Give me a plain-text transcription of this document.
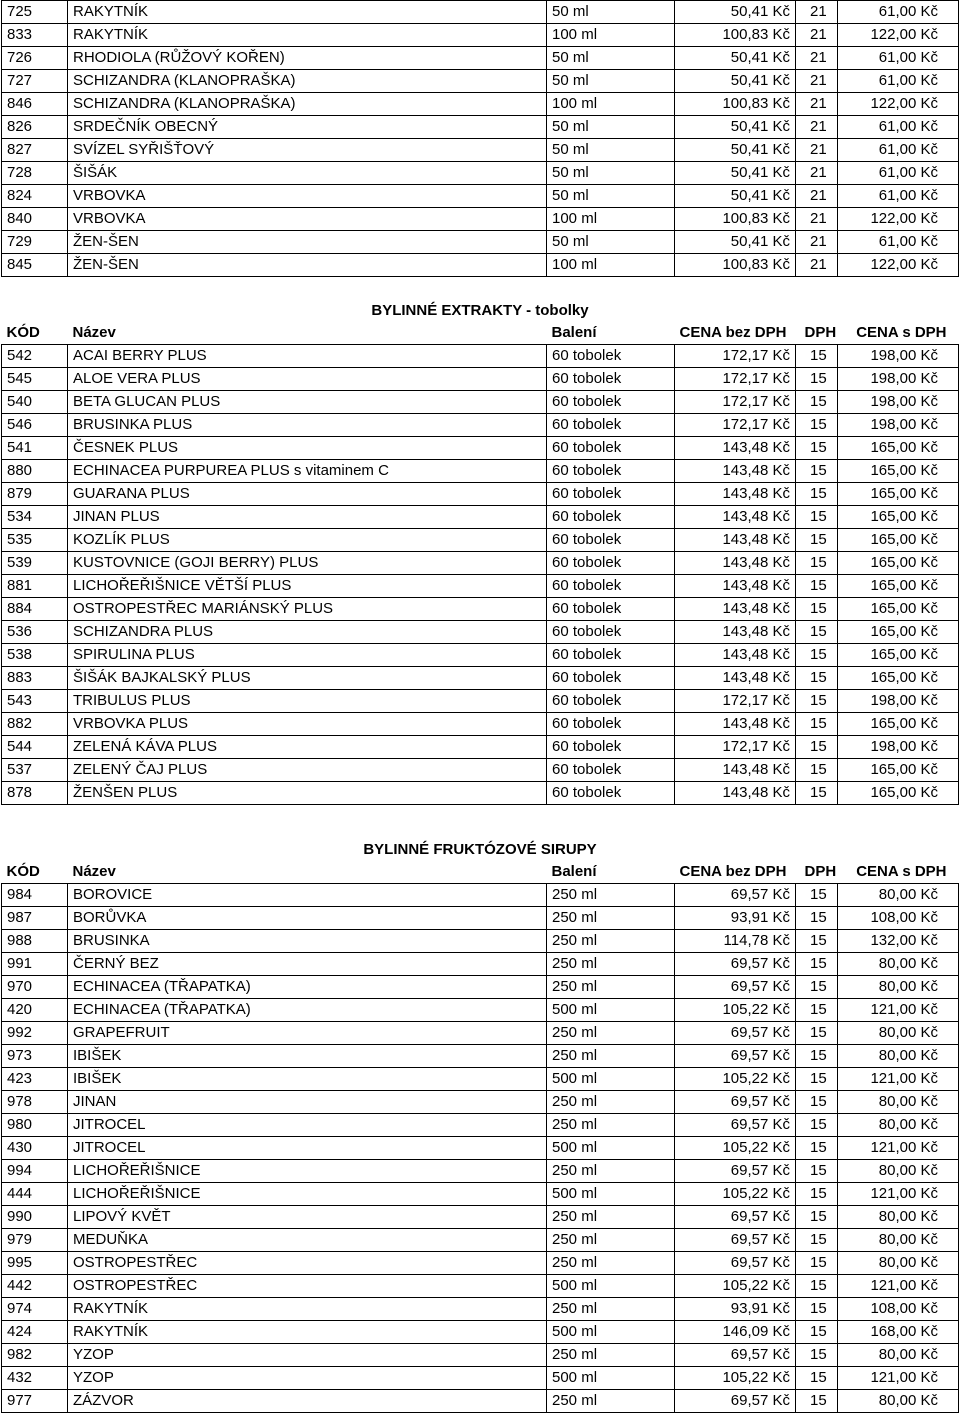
725	RAKYTNÍK	50 ml	50,41 Kč	21	61,00 Kč
833	RAKYTNÍK	100 ml	100,83 Kč	21	122,00 Kč
726	RHODIOLA (RŮŽOVÝ KOŘEN)	50 ml	50,41 Kč	21	61,00 Kč
727	SCHIZANDRA (KLANOPRAŠKA)	50 ml	50,41 Kč	21	61,00 Kč
846	SCHIZANDRA (KLANOPRAŠKA)	100 ml	100,83 Kč	21	122,00 Kč
826	SRDEČNÍK OBECNÝ	50 ml	50,41 Kč	21	61,00 Kč
827	SVÍZEL SYŘIŠŤOVÝ	50 ml	50,41 Kč	21	61,00 Kč
728	ŠIŠÁK	50 ml	50,41 Kč	21	61,00 Kč
824	VRBOVKA	50 ml	50,41 Kč	21	61,00 Kč
840	VRBOVKA	100 ml	100,83 Kč	21	122,00 Kč
729	ŽEN-ŠEN	50 ml	50,41 Kč	21	61,00 Kč
845	ŽEN-ŠEN	100 ml	100,83 Kč	21	122,00 Kč

BYLINNÉ EXTRAKTY - tobolky					
KÓD	Název	Balení	CENA bez DPH	DPH	CENA s DPH
542	ACAI BERRY PLUS	60 tobolek	172,17 Kč	15	198,00 Kč
545	ALOE VERA PLUS	60 tobolek	172,17 Kč	15	198,00 Kč
540	BETA GLUCAN PLUS	60 tobolek	172,17 Kč	15	198,00 Kč
546	BRUSINKA PLUS	60 tobolek	172,17 Kč	15	198,00 Kč
541	ČESNEK PLUS	60 tobolek	143,48 Kč	15	165,00 Kč
880	ECHINACEA PURPUREA PLUS s vitaminem C	60 tobolek	143,48 Kč	15	165,00 Kč
879	GUARANA PLUS	60 tobolek	143,48 Kč	15	165,00 Kč
534	JINAN PLUS	60 tobolek	143,48 Kč	15	165,00 Kč
535	KOZLÍK PLUS	60 tobolek	143,48 Kč	15	165,00 Kč
539	KUSTOVNICE (GOJI BERRY) PLUS	60 tobolek	143,48 Kč	15	165,00 Kč
881	LICHOŘEŘIŠNICE VĚTŠÍ PLUS	60 tobolek	143,48 Kč	15	165,00 Kč
884	OSTROPESTŘEC MARIÁNSKÝ PLUS	60 tobolek	143,48 Kč	15	165,00 Kč
536	SCHIZANDRA PLUS	60 tobolek	143,48 Kč	15	165,00 Kč
538	SPIRULINA PLUS	60 tobolek	143,48 Kč	15	165,00 Kč
883	ŠIŠÁK BAJKALSKÝ PLUS	60 tobolek	143,48 Kč	15	165,00 Kč
543	TRIBULUS PLUS	60 tobolek	172,17 Kč	15	198,00 Kč
882	VRBOVKA PLUS	60 tobolek	143,48 Kč	15	165,00 Kč
544	ZELENÁ KÁVA PLUS	60 tobolek	172,17 Kč	15	198,00 Kč
537	ZELENÝ ČAJ PLUS	60 tobolek	143,48 Kč	15	165,00 Kč
878	ŽENŠEN PLUS	60 tobolek	143,48 Kč	15	165,00 Kč

BYLINNÉ FRUKTÓZOVÉ SIRUPY					
KÓD	Název	Balení	CENA bez DPH	DPH	CENA s DPH
984	BOROVICE	250 ml	69,57 Kč	15	80,00 Kč
987	BORŮVKA	250 ml	93,91 Kč	15	108,00 Kč
988	BRUSINKA	250 ml	114,78 Kč	15	132,00 Kč
991	ČERNÝ BEZ	250 ml	69,57 Kč	15	80,00 Kč
970	ECHINACEA (TŘAPATKA)	250 ml	69,57 Kč	15	80,00 Kč
420	ECHINACEA (TŘAPATKA)	500 ml	105,22 Kč	15	121,00 Kč
992	GRAPEFRUIT	250 ml	69,57 Kč	15	80,00 Kč
973	IBIŠEK	250 ml	69,57 Kč	15	80,00 Kč
423	IBIŠEK	500 ml	105,22 Kč	15	121,00 Kč
978	JINAN	250 ml	69,57 Kč	15	80,00 Kč
980	JITROCEL	250 ml	69,57 Kč	15	80,00 Kč
430	JITROCEL	500 ml	105,22 Kč	15	121,00 Kč
994	LICHOŘEŘIŠNICE	250 ml	69,57 Kč	15	80,00 Kč
444	LICHOŘEŘIŠNICE	500 ml	105,22 Kč	15	121,00 Kč
990	LIPOVÝ KVĚT	250 ml	69,57 Kč	15	80,00 Kč
979	MEDUŇKA	250 ml	69,57 Kč	15	80,00 Kč
995	OSTROPESTŘEC	250 ml	69,57 Kč	15	80,00 Kč
442	OSTROPESTŘEC	500 ml	105,22 Kč	15	121,00 Kč
974	RAKYTNÍK	250 ml	93,91 Kč	15	108,00 Kč
424	RAKYTNÍK	500 ml	146,09 Kč	15	168,00 Kč
982	YZOP	250 ml	69,57 Kč	15	80,00 Kč
432	YZOP	500 ml	105,22 Kč	15	121,00 Kč
977	ZÁZVOR	250 ml	69,57 Kč	15	80,00 Kč
